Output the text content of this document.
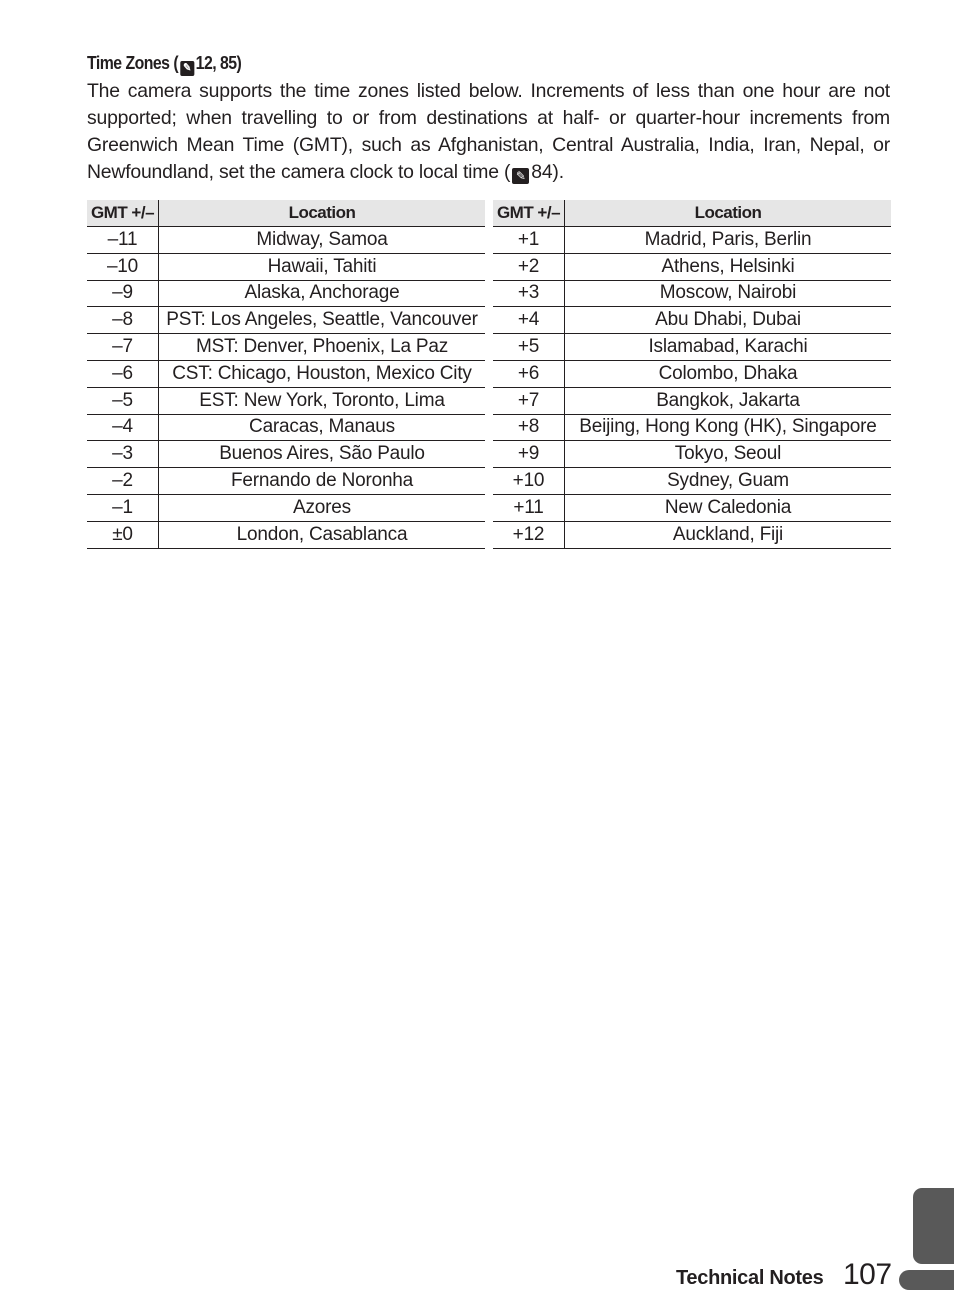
Time Zones ( ✎ 12, 85)
The camera supports the time zones listed below. Increments of less than one hour are not supported; when travelling to or from destinations at half- or quarter-hour increments from Greenwich Mean Time (GMT), such as Afghanistan, Central Australia, India, Iran, Nepal, or Newfoundland, set the camera clock to local time ( ✎ 84).
GMT +/–	Location
–11	Midway, Samoa
–10	Hawaii, Tahiti
–9	Alaska, Anchorage
–8	PST: Los Angeles, Seattle, Vancouver
–7	MST: Denver, Phoenix, La Paz
–6	CST: Chicago, Houston, Mexico City
–5	EST: New York, Toronto, Lima
–4	Caracas, Manaus
–3	Buenos Aires, São Paulo
–2	Fernando de Noronha
–1	Azores
±0	London, Casablanca
GMT +/–	Location
+1	Madrid, Paris, Berlin
+2	Athens, Helsinki
+3	Moscow, Nairobi
+4	Abu Dhabi, Dubai
+5	Islamabad, Karachi
+6	Colombo, Dhaka
+7	Bangkok, Jakarta
+8	Beijing, Hong Kong (HK), Singapore
+9	Tokyo, Seoul
+10	Sydney, Guam
+11	New Caledonia
+12	Auckland, Fiji
Technical Notes 107
